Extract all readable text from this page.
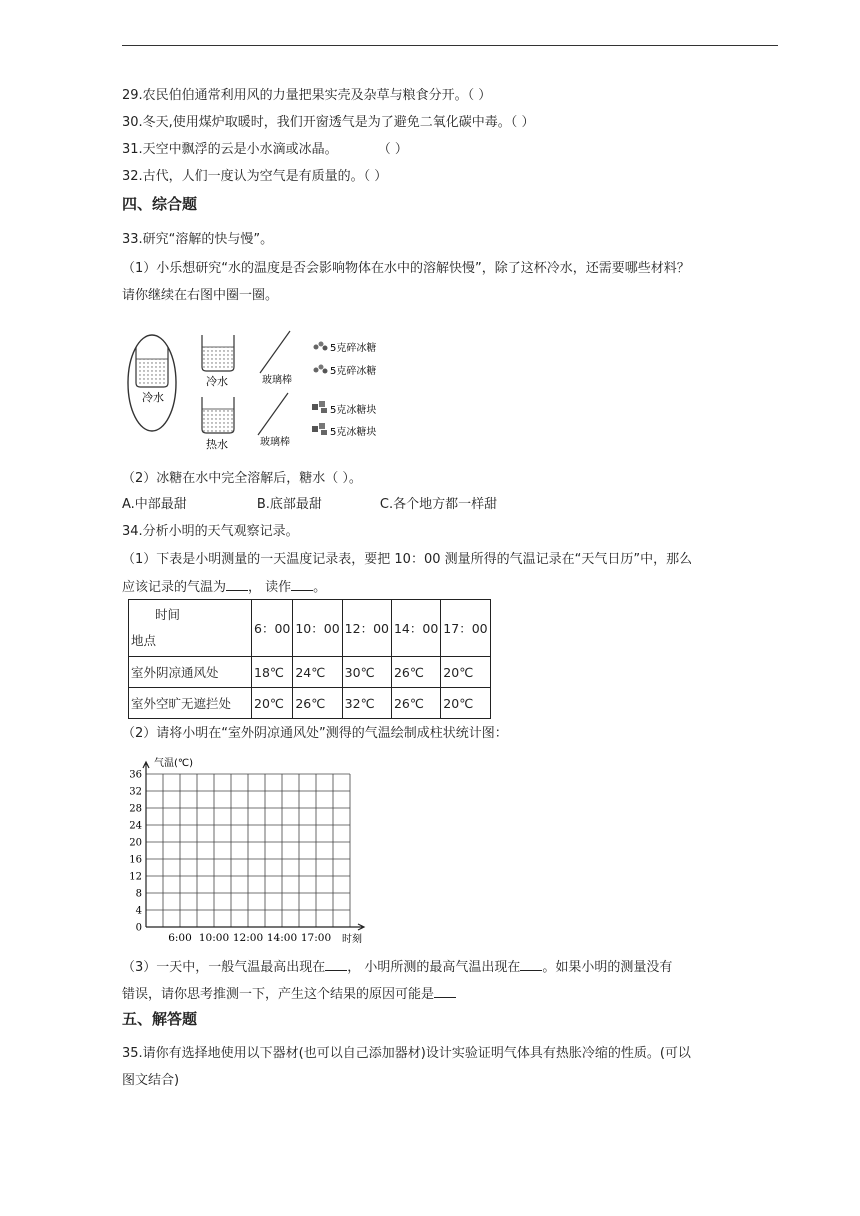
29.农民伯伯通常利用风的力量把果实壳及杂草与粮食分开。（ ）
30.冬天,使用煤炉取暖时，我们开窗透气是为了避免二氧化碳中毒。（ ）
31.天空中飘浮的云是小水滴或冰晶。	（ ）
32.古代，人们一度认为空气是有质量的。（ ）
四、综合题
33.研究“溶解的快与慢”。
（1）小乐想研究“水的温度是否会影响物体在水中的溶解快慢”，除了这杯冷水，还需要哪些材料？
请你继续在右图中圈一圈。
冷水
冷水
热水
玻璃棒
玻璃棒
5克碎冰糖
5克碎冰糖
5克冰糖块
5克冰糖块
（2）冰糖在水中完全溶解后，糖水（ ）。
A.中部最甜	B.底部最甜	C.各个地方都一样甜
34.分析小明的天气观察记录。
（1）下表是小明测量的一天温度记录表，要把 10：00 测量所得的气温记录在“天气日历”中，那么
应该记录的气温为 ， 读作 。
时间
地点	6：00	10：00	12：00	14：00	17：00
室外阴凉通风处	18℃	24℃	30℃	26℃	20℃
室外空旷无遮拦处	20℃	26℃	32℃	26℃	20℃
（2）请将小明在“室外阴凉通风处”测得的气温绘制成柱状统计图：
0
4
8
12
16
20
24
28
32
36
6:00 10:00 12:00 14:00 17:00
气温(℃)
时刻
（3）一天中，一般气温最高出现在 ， 小明所测的最高气温出现在 。如果小明的测量没有
错误，请你思考推测一下，产生这个结果的原因可能是
五、解答题
35.请你有选择地使用以下器材(也可以自己添加器材)设计实验证明气体具有热胀冷缩的性质。(可以
图文结合)
